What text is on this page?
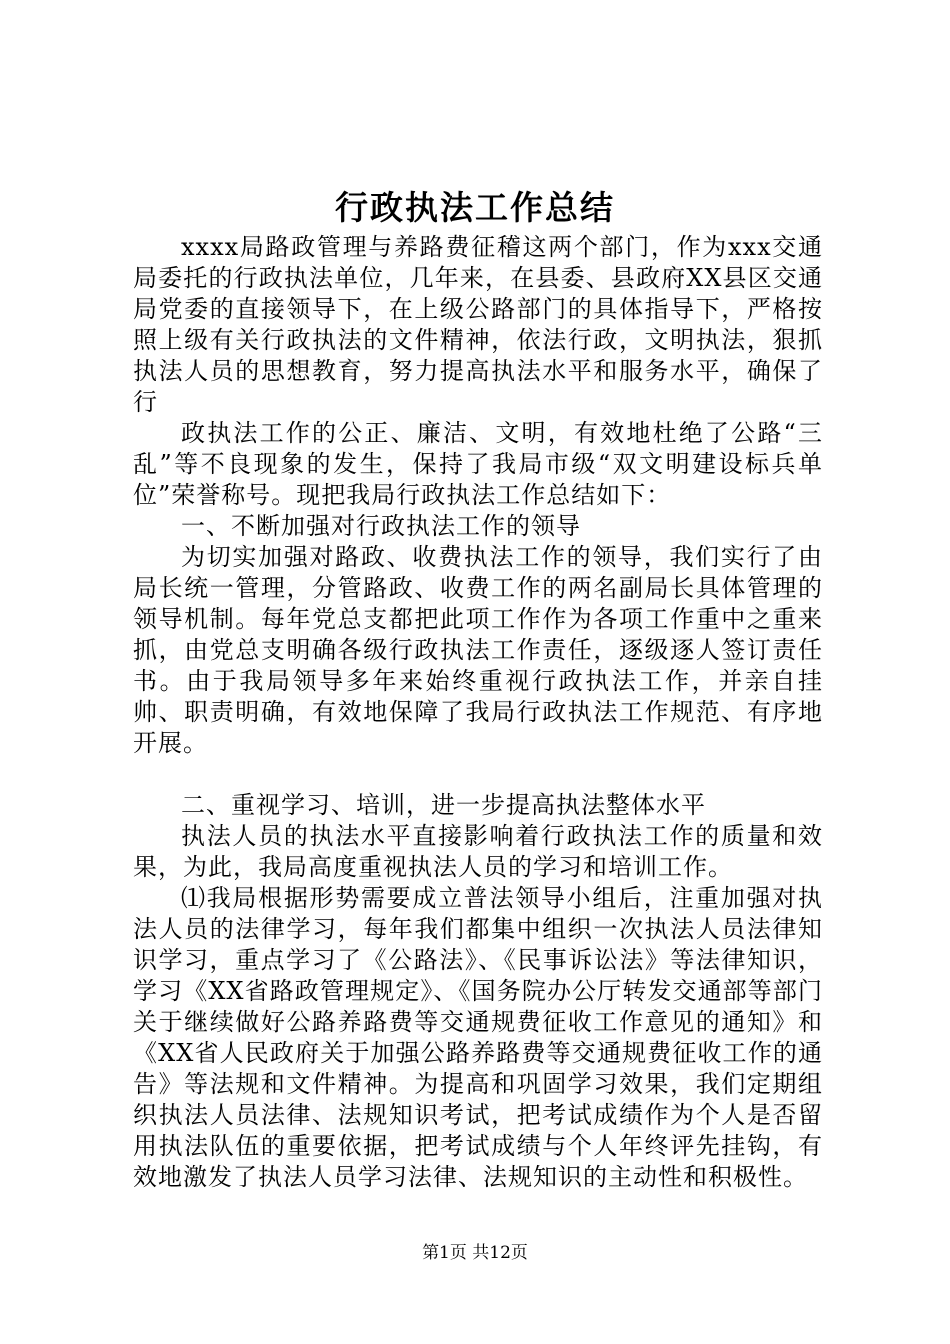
行政执法工作总结

xxxx局路政管理与养路费征稽这两个部门，作为xxx交通局委托的行政执法单位，几年来，在县委、县政府XX县区交通局党委的直接领导下，在上级公路部门的具体指导下，严格按照上级有关行政执法的文件精神，依法行政，文明执法，狠抓执法人员的思想教育，努力提高执法水平和服务水平，确保了行

政执法工作的公正、廉洁、文明，有效地杜绝了公路“三乱”等不良现象的发生，保持了我局市级“双文明建设标兵单位”荣誉称号。现把我局行政执法工作总结如下：

一、不断加强对行政执法工作的领导

为切实加强对路政、收费执法工作的领导，我们实行了由局长统一管理，分管路政、收费工作的两名副局长具体管理的领导机制。每年党总支都把此项工作作为各项工作重中之重来抓，由党总支明确各级行政执法工作责任，逐级逐人签订责任书。由于我局领导多年来始终重视行政执法工作，并亲自挂帅、职责明确，有效地保障了我局行政执法工作规范、有序地开展。

二、重视学习、培训，进一步提高执法整体水平

执法人员的执法水平直接影响着行政执法工作的质量和效果，为此，我局高度重视执法人员的学习和培训工作。

⑴我局根据形势需要成立普法领导小组后，注重加强对执法人员的法律学习，每年我们都集中组织一次执法人员法律知识学习，重点学习了《公路法》、《民事诉讼法》等法律知识，学习《XX省路政管理规定》、《国务院办公厅转发交通部等部门关于继续做好公路养路费等交通规费征收工作意见的通知》和《XX省人民政府关于加强公路养路费等交通规费征收工作的通告》等法规和文件精神。为提高和巩固学习效果，我们定期组织执法人员法律、法规知识考试，把考试成绩作为个人是否留用执法队伍的重要依据，把考试成绩与个人年终评先挂钩，有效地激发了执法人员学习法律、法规知识的主动性和积极性。

第1页 共12页
